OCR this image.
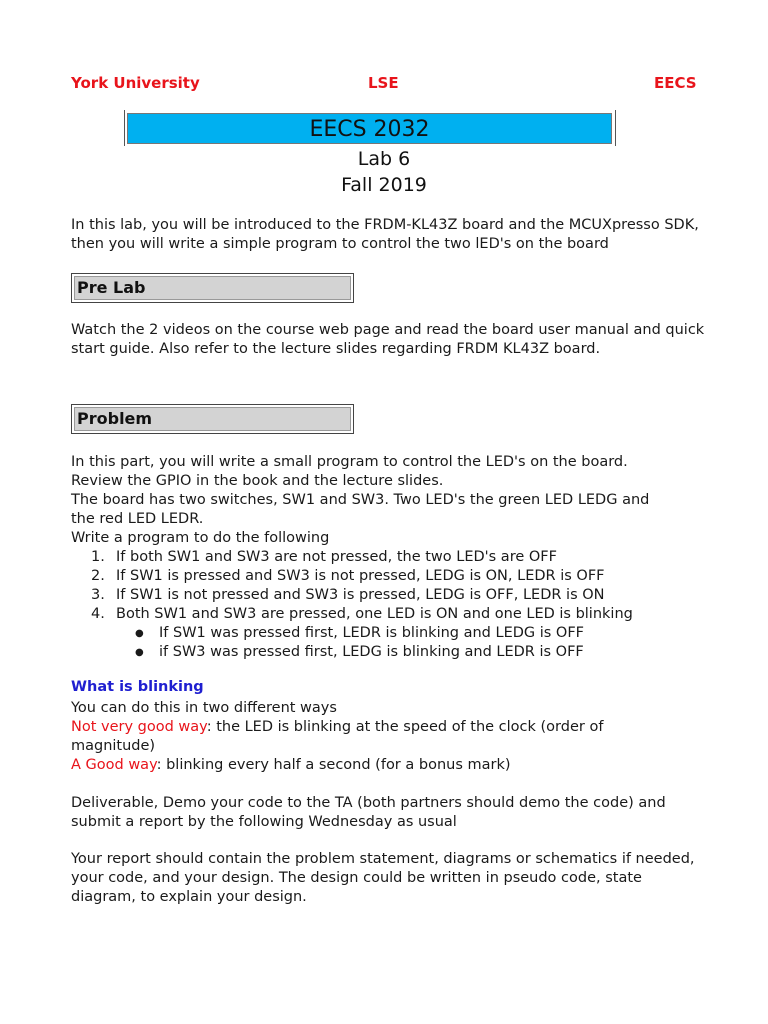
York University	LSE	EECS
EECS 2032
Lab 6
Fall 2019

In this lab, you will be introduced to the FRDM-KL43Z board and the MCUXpresso SDK, then you will write a simple program to control the two lED's on the board

Pre Lab

Watch the 2 videos on the course web page and read the board user manual and quick start guide. Also refer to the lecture slides regarding FRDM KL43Z board.

Problem
In this part, you will write a small program to control the LED's on the board.
Review the GPIO in the book and the lecture slides.
The board has two switches, SW1 and SW3. Two LED's the green LED LEDG and
the red LED LEDR.
Write a program to do the following
1. If both SW1 and SW3 are not pressed, the two LED's are OFF
2. If SW1 is pressed and SW3 is not pressed, LEDG is ON, LEDR is OFF
3. If SW1 is not pressed and SW3 is pressed, LEDG is OFF, LEDR is ON
4. Both SW1 and SW3 are pressed, one LED is ON and one LED is blinking
● If SW1 was pressed first, LEDR is blinking and LEDG is OFF
● if SW3 was pressed first, LEDG is blinking and LEDR is OFF
What is blinking
You can do this in two different ways
Not very good way: the LED is blinking at the speed of the clock (order of magnitude)
A Good way: blinking every half a second (for a bonus mark)

Deliverable, Demo your code to the TA (both partners should demo the code) and submit a report by the following Wednesday as usual

Your report should contain the problem statement, diagrams or schematics if needed, your code, and your design. The design could be written in pseudo code, state diagram, to explain your design.
